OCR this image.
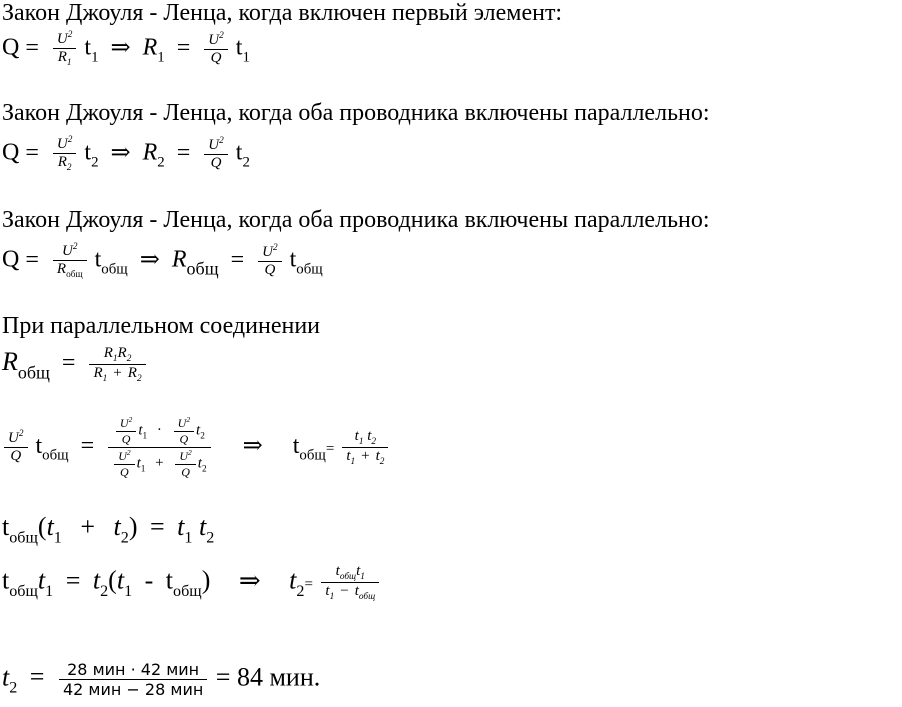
Закон Джоуля - Ленца, когда включен первый элемент:
$Q = \frac{U^2}{R_1} t_1$ ⇒ $R_1 = \frac{U^2}{Q} t_1$
Закон Джоуля - Ленца, когда оба проводника включены параллельно:
$Q = \frac{U^2}{R_2} t_2$ ⇒ $R_2 = \frac{U^2}{Q} t_2$
Закон Джоуля - Ленца, когда оба проводника включены параллельно:
$Q = \frac{U^2}{R_{общ}} t_{общ}$ ⇒ $R_{общ} = \frac{U^2}{Q} t_{общ}$
При параллельном соединении
$R_{общ} = \frac{R_1R_2}{R_1 + R_2}$
$\frac{U^2}{Q} t_{общ} = \frac{\frac{U^2}{Q} t_1 \cdot \frac{U^2}{Q} t_2}{\frac{U^2}{Q} t_1 + \frac{U^2}{Q} t_2}$ ⇒ $t_{общ}= \frac{t_1 t_2}{t_1 + t_2}$
$t_{общ}(t_1 + t_2) = t_1$ $t_2$
$t_{общ}t_1 = t_2(t_1 - t_{общ})$ ⇒ $t_2= \frac{t_{общ}t_1}{t_1 - t_{общ}}$
$t_2 = \frac{\text{28 мин · 42 мин}}{\text{42 мин − 28 мин}} = 84$ мин.
